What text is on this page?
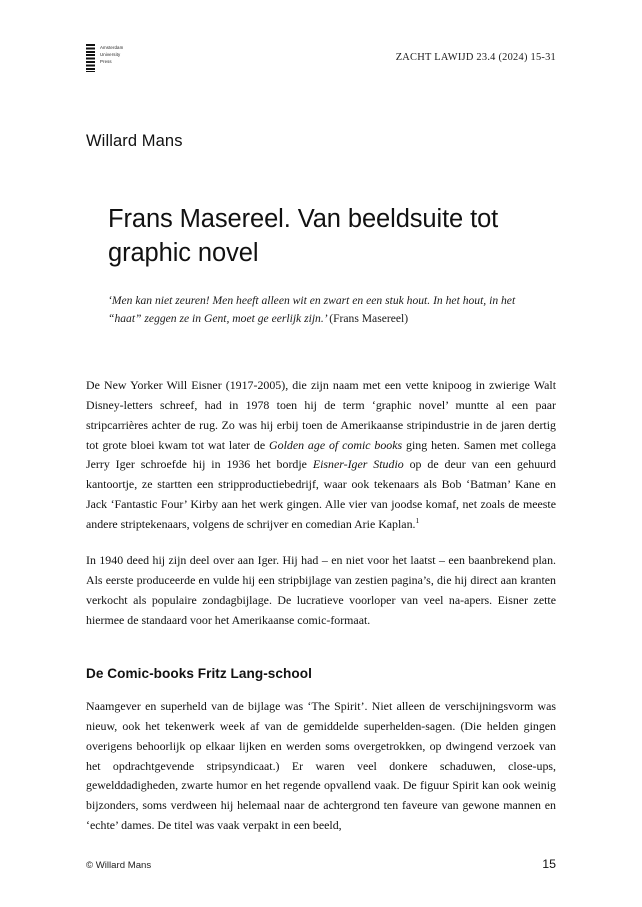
Amsterdam
University
Press	ZACHT LAWIJD 23.4 (2024) 15-31
Willard Mans
Frans Masereel. Van beeldsuite tot graphic novel

‘Men kan niet zeuren! Men heeft alleen wit en zwart en een stuk hout. In het hout, in het “haat” zeggen ze in Gent, moet ge eerlijk zijn.’ (Frans Masereel)

De New Yorker Will Eisner (1917-2005), die zijn naam met een vette knipoog in zwierige Walt Disney-letters schreef, had in 1978 toen hij de term ‘graphic novel’ muntte al een paar stripcarrières achter de rug. Zo was hij erbij toen de Amerikaanse stripindustrie in de jaren dertig tot grote bloei kwam tot wat later de Golden age of comic books ging heten. Samen met collega Jerry Iger schroefde hij in 1936 het bordje Eisner-Iger Studio op de deur van een gehuurd kantoortje, ze startten een stripproductiebedrijf, waar ook tekenaars als Bob ‘Batman’ Kane en Jack ‘Fantastic Four’ Kirby aan het werk gingen. Alle vier van joodse komaf, net zoals de meeste andere striptekenaars, volgens de schrijver en comedian Arie Kaplan.$^1$

In 1940 deed hij zijn deel over aan Iger. Hij had – en niet voor het laatst – een baanbrekend plan. Als eerste produceerde en vulde hij een stripbijlage van zestien pagina’s, die hij direct aan kranten verkocht als populaire zondagbijlage. De lucratieve voorloper van veel na-apers. Eisner zette hiermee de standaard voor het Amerikaanse comic-formaat.

De Comic-books Fritz Lang-school

Naamgever en superheld van de bijlage was ‘The Spirit’. Niet alleen de verschijningsvorm was nieuw, ook het tekenwerk week af van de gemiddelde superhelden-sagen. (Die helden gingen overigens behoorlijk op elkaar lijken en werden soms overgetrokken, op dwingend verzoek van het opdrachtgevende stripsyndicaat.) Er waren veel donkere schaduwen, close-ups, gewelddadigheden, zwarte humor en het regende opvallend vaak. De figuur Spirit kan ook weinig bijzonders, soms verdween hij helemaal naar de achtergrond ten faveure van gewone mannen en ‘echte’ dames. De titel was vaak verpakt in een beeld,

© Willard Mans	15
